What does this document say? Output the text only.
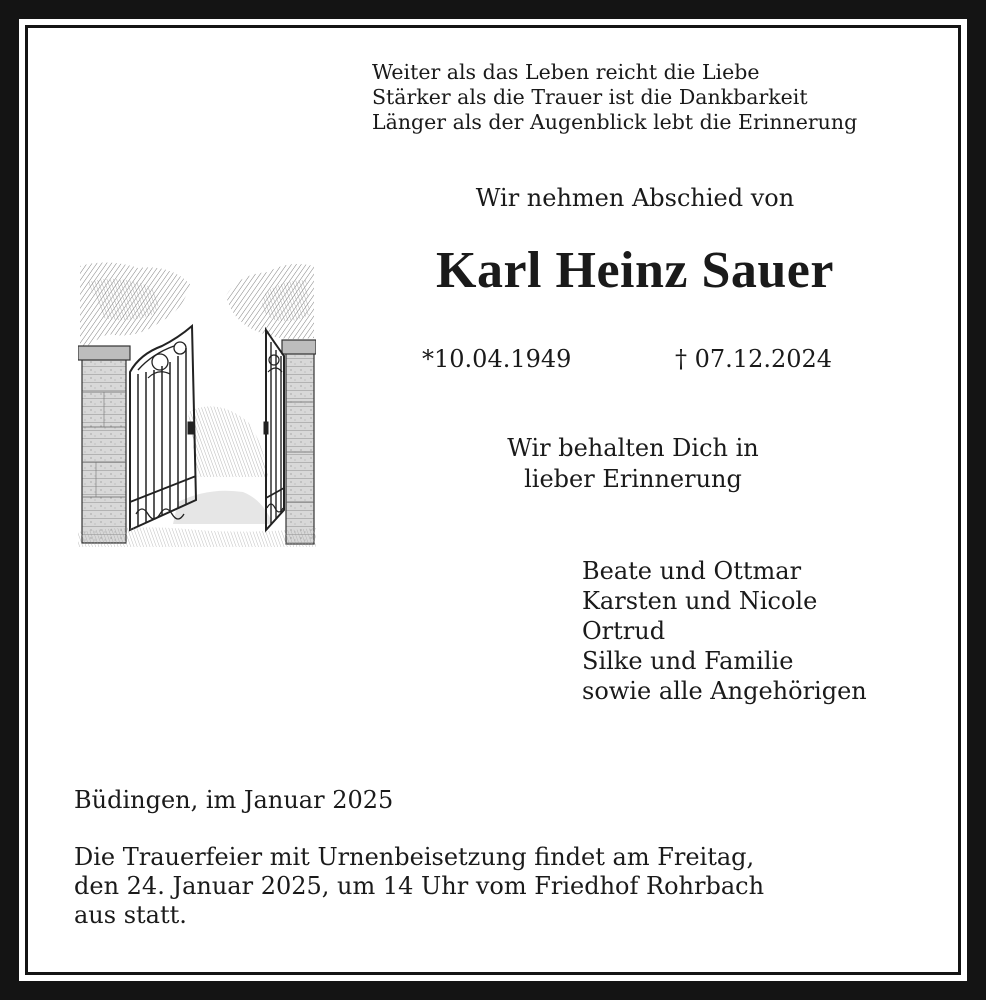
Weiter als das Leben reicht die Liebe
Stärker als die Trauer ist die Dankbarkeit
Länger als der Augenblick lebt die Erinnerung
Wir nehmen Abschied von
Karl Heinz Sauer
*10.04.1949	† 07.12.2024
Wir behalten Dich in
lieber Erinnerung
Beate und Ottmar
Karsten und Nicole
Ortrud
Silke und Familie
sowie alle Angehörigen
Büdingen, im Januar 2025
Die Trauerfeier mit Urnenbeisetzung findet am Freitag,
den 24. Januar 2025, um 14 Uhr vom Friedhof Rohrbach
aus statt.
